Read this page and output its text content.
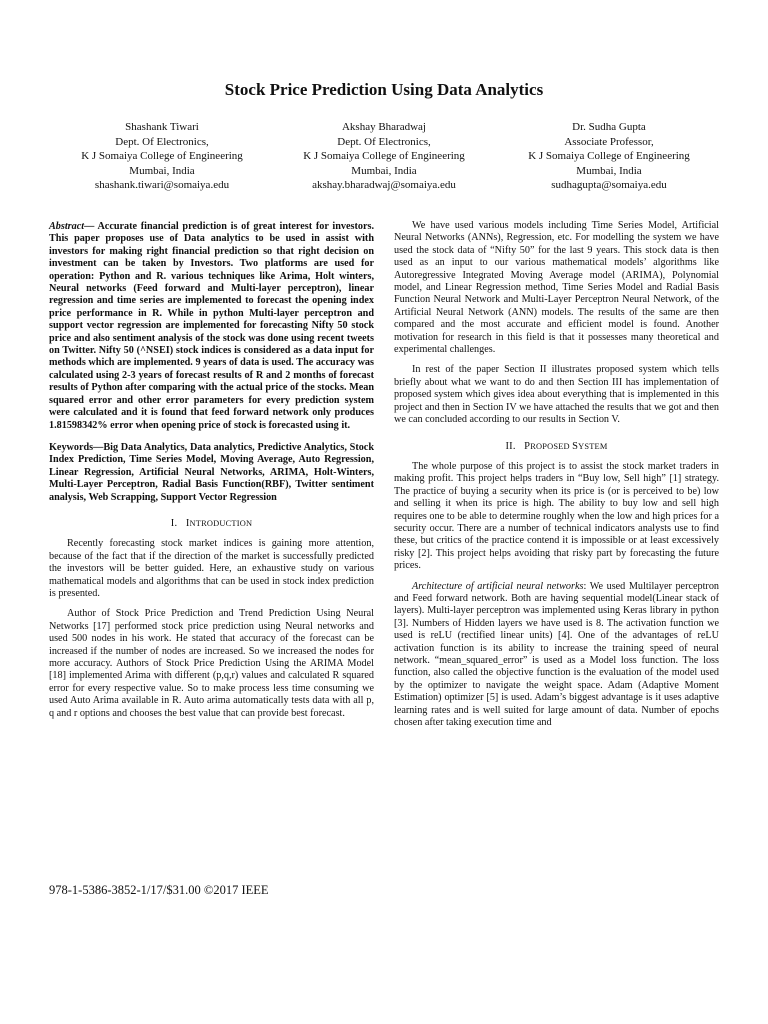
Stock Price Prediction Using Data Analytics
Shashank Tiwari
Dept. Of Electronics,
K J Somaiya College of Engineering
Mumbai, India
shashank.tiwari@somaiya.edu
Akshay Bharadwaj
Dept. Of Electronics,
K J Somaiya College of Engineering
Mumbai, India
akshay.bharadwaj@somaiya.edu
Dr. Sudha Gupta
Associate Professor,
K J Somaiya College of Engineering
Mumbai, India
sudhagupta@somaiya.edu

Abstract— Accurate financial prediction is of great interest for investors. This paper proposes use of Data analytics to be used in assist with investors for making right financial prediction so that right decision on investment can be taken by Investors. Two platforms are used for operation: Python and R. various techniques like Arima, Holt winters, Neural networks (Feed forward and Multi-layer perceptron), linear regression and time series are implemented to forecast the opening index price performance in R. While in python Multi-layer perceptron and support vector regression are implemented for forecasting Nifty 50 stock price and also sentiment analysis of the stock was done using recent tweets on Twitter. Nifty 50 (^NSEI) stock indices is considered as a data input for methods which are implemented. 9 years of data is used. The accuracy was calculated using 2-3 years of forecast results of R and 2 months of forecast results of Python after comparing with the actual price of the stocks. Mean squared error and other error parameters for every prediction system were calculated and it is found that feed forward network only produces 1.81598342% error when opening price of stock is forecasted using it.

Keywords—Big Data Analytics, Data analytics, Predictive Analytics, Stock Index Prediction, Time Series Model, Moving Average, Auto Regression, Linear Regression, Artificial Neural Networks, ARIMA, Holt-Winters, Multi-Layer Perceptron, Radial Basis Function(RBF), Twitter sentiment analysis, Web Scrapping, Support Vector Regression

I. INTRODUCTION

Recently forecasting stock market indices is gaining more attention, because of the fact that if the direction of the market is successfully predicted the investors will be better guided. Here, an exhaustive study on various mathematical models and algorithms that can be used in stock index prediction is presented.

Author of Stock Price Prediction and Trend Prediction Using Neural Networks [17] performed stock price prediction using Neural networks and used 500 nodes in his work. He stated that accuracy of the forecast can be increased if the number of nodes are increased. So we increased the nodes for more accuracy. Authors of Stock Price Prediction Using the ARIMA Model [18] implemented Arima with different (p,q,r) values and calculated R squared error for every respective value. So to make process less time consuming we used Auto Arima available in R. Auto arima automatically tests data with all p, q and r options and chooses the best value that can provide best forecast.

We have used various models including Time Series Model, Artificial Neural Networks (ANNs), Regression, etc. For modelling the system we have used the stock data of “Nifty 50” for the last 9 years. This stock data is then used as an input to our various mathematical models’ algorithms like Autoregressive Integrated Moving Average model (ARIMA), Polynomial model, and Linear Regression method, Time Series Model and Radial Basis Function Neural Network and Multi-Layer Perceptron Neural Network, of the Artificial Neural Network (ANN) models. The results of the same are then compared and the most accurate and efficient model is found. Another motivation for research in this field is that it possesses many theoretical and experimental challenges.

In rest of the paper Section II illustrates proposed system which tells briefly about what we want to do and then Section III has implementation of proposed system which gives idea about everything that is implemented in this project and then in Section IV we have attached the results that we got and then we can concluded according to our results in Section V.

II. PROPOSED SYSTEM

The whole purpose of this project is to assist the stock market traders in making profit. This project helps traders in “Buy low, Sell high” [1] strategy. The practice of buying a security when its price is (or is perceived to be) low and selling it when its price is high. The ability to buy low and sell high requires one to be able to determine roughly when the low and high prices for a security occur. There are a number of technical indicators analysts use to find these, but critics of the practice contend it is impossible or at least excessively risky [2]. This project helps avoiding that risky part by forecasting the future prices.

Architecture of artificial neural networks: We used Multilayer perceptron and Feed forward network. Both are having sequential model(Linear stack of layers). Multi-layer perceptron was implemented using Keras library in python [3]. Numbers of Hidden layers we have used is 8. The activation function we used is reLU (rectified linear units) [4]. One of the advantages of reLU activation function is its ability to increase the training speed of neural network. “mean_squared_error” is used as a Model loss function. The loss function, also called the objective function is the evaluation of the model used by the optimizer to navigate the weight space. Adam (Adaptive Moment Estimation) optimizer [5] is used. Adam’s biggest advantage is it uses adaptive learning rates and is well suited for large amount of data. Number of epochs chosen after taking execution time and

978-1-5386-3852-1/17/$31.00 ©2017 IEEE
